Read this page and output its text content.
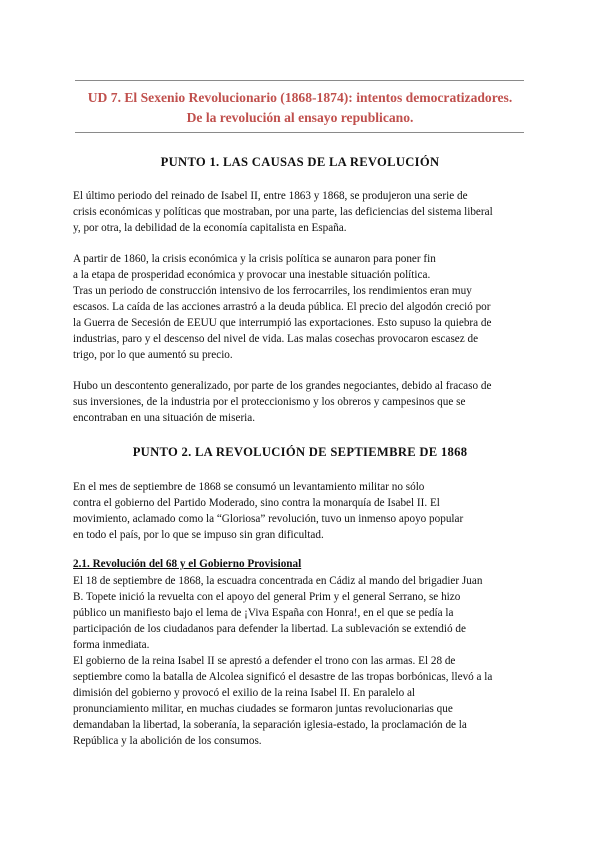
UD 7. El Sexenio Revolucionario (1868-1874): intentos democratizadores.
De la revolución al ensayo republicano.
PUNTO 1. LAS CAUSAS DE LA REVOLUCIÓN
El último periodo del reinado de Isabel II, entre 1863 y 1868, se produjeron una serie de
crisis económicas y políticas que mostraban, por una parte, las deficiencias del sistema liberal
y, por otra, la debilidad de la economía capitalista en España.
A partir de 1860, la crisis económica y la crisis política se aunaron para poner fin
a la etapa de prosperidad económica y provocar una inestable situación política.
Tras un periodo de construcción intensivo de los ferrocarriles, los rendimientos eran muy
escasos. La caída de las acciones arrastró a la deuda pública. El precio del algodón creció por
la Guerra de Secesión de EEUU que interrumpió las exportaciones. Esto supuso la quiebra de
industrias, paro y el descenso del nivel de vida. Las malas cosechas provocaron escasez de
trigo, por lo que aumentó su precio.
Hubo un descontento generalizado, por parte de los grandes negociantes, debido al fracaso de
sus inversiones, de la industria por el proteccionismo y los obreros y campesinos que se
encontraban en una situación de miseria.
PUNTO 2. LA REVOLUCIÓN DE SEPTIEMBRE DE 1868
En el mes de septiembre de 1868 se consumó un levantamiento militar no sólo
contra el gobierno del Partido Moderado, sino contra la monarquía de Isabel II. El
movimiento, aclamado como la “Gloriosa” revolución, tuvo un inmenso apoyo popular
en todo el país, por lo que se impuso sin gran dificultad.
2.1. Revolución del 68 y el Gobierno Provisional
El 18 de septiembre de 1868, la escuadra concentrada en Cádiz al mando del brigadier Juan
B. Topete inició la revuelta con el apoyo del general Prim y el general Serrano, se hizo
público un manifiesto bajo el lema de ¡Viva España con Honra!, en el que se pedía la
participación de los ciudadanos para defender la libertad. La sublevación se extendió de
forma inmediata.
El gobierno de la reina Isabel II se aprestó a defender el trono con las armas. El 28 de
septiembre como la batalla de Alcolea significó el desastre de las tropas borbónicas, llevó a la
dimisión del gobierno y provocó el exilio de la reina Isabel II. En paralelo al
pronunciamiento militar, en muchas ciudades se formaron juntas revolucionarias que
demandaban la libertad, la soberanía, la separación iglesia-estado, la proclamación de la
República y la abolición de los consumos.
